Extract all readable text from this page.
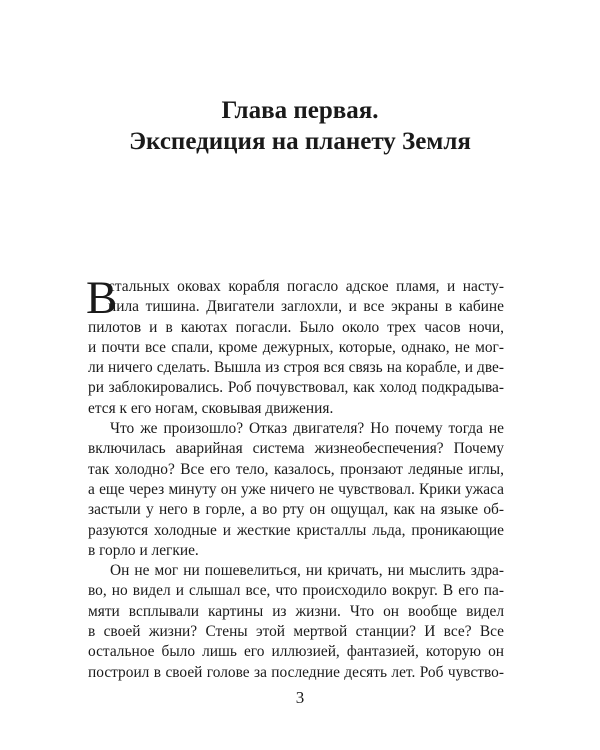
Глава первая.
Экспедиция на планету Земля
В
стальных оковах корабля погасло адское пламя, и насту-
пила тишина. Двигатели заглохли, и все экраны в кабине
пилотов и в каютах погасли. Было около трех часов ночи,
и почти все спали, кроме дежурных, которые, однако, не мог-
ли ничего сделать. Вышла из строя вся связь на корабле, и две-
ри заблокировались. Роб почувствовал, как холод подкрадыва-
ется к его ногам, сковывая движения.
Что же произошло? Отказ двигателя? Но почему тогда не
включилась аварийная система жизнеобеспечения? Почему
так холодно? Все его тело, казалось, пронзают ледяные иглы,
а еще через минуту он уже ничего не чувствовал. Крики ужаса
застыли у него в горле, а во рту он ощущал, как на языке об-
разуются холодные и жесткие кристаллы льда, проникающие
в горло и легкие.
Он не мог ни пошевелиться, ни кричать, ни мыслить здра-
во, но видел и слышал все, что происходило вокруг. В его па-
мяти всплывали картины из жизни. Что он вообще видел
в своей жизни? Стены этой мертвой станции? И все? Все
остальное было лишь его иллюзией, фантазией, которую он
построил в своей голове за последние десять лет. Роб чувство-
3
